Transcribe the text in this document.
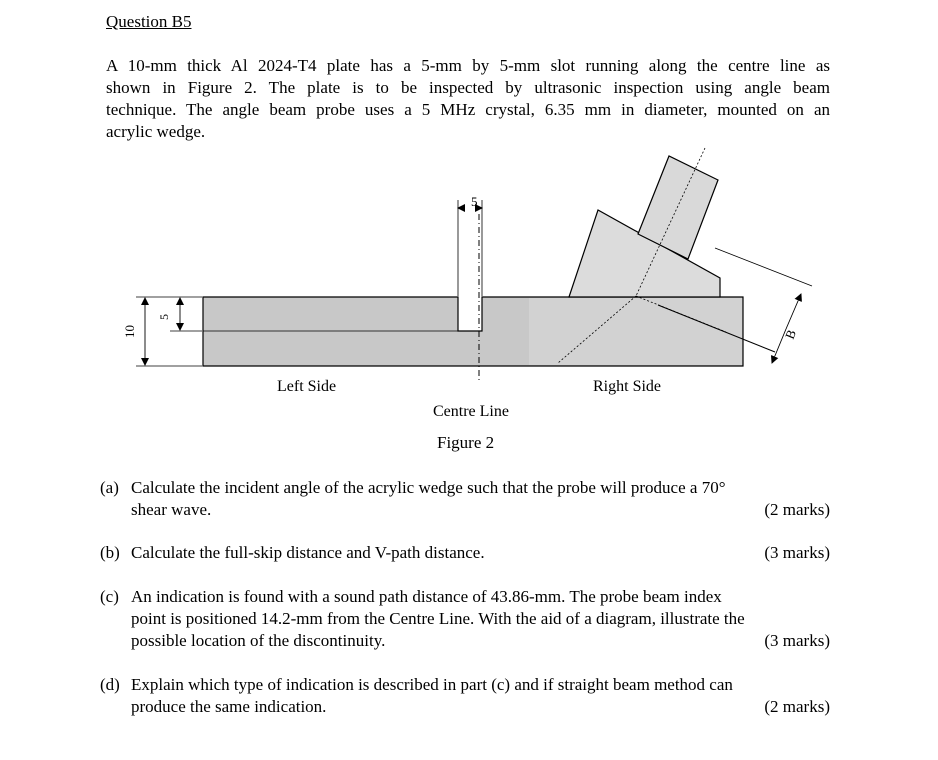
Question B5
A 10-mm thick Al 2024-T4 plate has a 5-mm by 5-mm slot running along the centre line as
shown in Figure 2. The plate is to be inspected by ultrasonic inspection using angle beam
technique. The angle beam probe uses a 5 MHz crystal, 6.35 mm in diameter, mounted on an
acrylic wedge.
5
10
5
B
Left Side	Right Side
Centre Line
Figure 2
(a) Calculate the incident angle of the acrylic wedge such that the probe will produce a 70°
shear wave.	(2 marks)
(b) Calculate the full-skip distance and V-path distance.	(3 marks)
(c) An indication is found with a sound path distance of 43.86-mm. The probe beam index
point is positioned 14.2-mm from the Centre Line. With the aid of a diagram, illustrate the
possible location of the discontinuity.	(3 marks)
(d) Explain which type of indication is described in part (c) and if straight beam method can
produce the same indication.	(2 marks)
